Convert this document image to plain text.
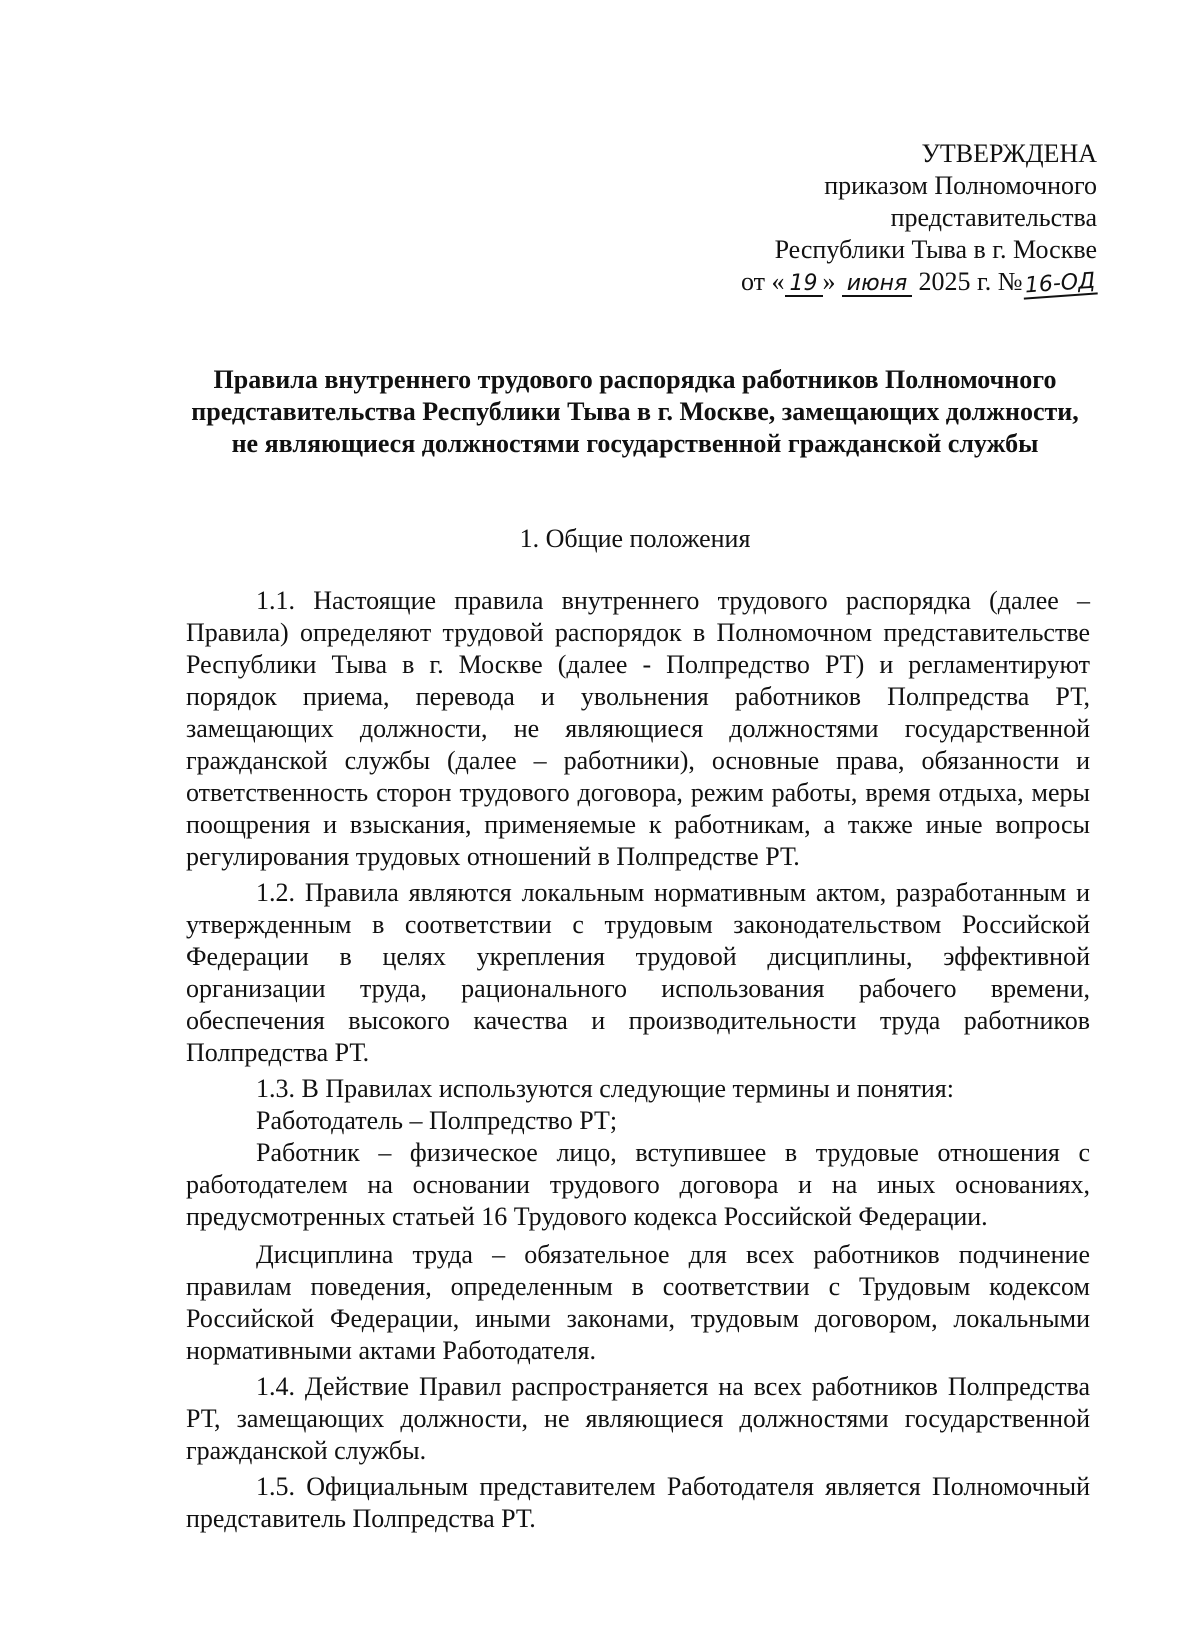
УТВЕРЖДЕНА
приказом Полномочного
представительства
Республики Тыва в г. Москве
от « 19 » июня 2025 г. №16-ОД
Правила внутреннего трудового распорядка работников Полномочного представительства Республики Тыва в г. Москве, замещающих должности, не являющиеся должностями государственной гражданской службы
1. Общие положения

1.1. Настоящие правила внутреннего трудового распорядка (далее – Правила) определяют трудовой распорядок в Полномочном представительстве Республики Тыва в г. Москве (далее - Полпредство РТ) и регламентируют порядок приема, перевода и увольнения работников Полпредства РТ, замещающих должности, не являющиеся должностями государственной гражданской службы (далее – работники), основные права, обязанности и ответственность сторон трудового договора, режим работы, время отдыха, меры поощрения и взыскания, применяемые к работникам, а также иные вопросы регулирования трудовых отношений в Полпредстве РТ.

1.2. Правила являются локальным нормативным актом, разработанным и утвержденным в соответствии с трудовым законодательством Российской Федерации в целях укрепления трудовой дисциплины, эффективной организации труда, рационального использования рабочего времени, обеспечения высокого качества и производительности труда работников Полпредства РТ.

1.3. В Правилах используются следующие термины и понятия:

Работодатель – Полпредство РТ;

Работник – физическое лицо, вступившее в трудовые отношения с работодателем на основании трудового договора и на иных основаниях, предусмотренных статьей 16 Трудового кодекса Российской Федерации.

Дисциплина труда – обязательное для всех работников подчинение правилам поведения, определенным в соответствии с Трудовым кодексом Российской Федерации, иными законами, трудовым договором, локальными нормативными актами Работодателя.

1.4. Действие Правил распространяется на всех работников Полпредства РТ, замещающих должности, не являющиеся должностями государственной гражданской службы.

1.5. Официальным представителем Работодателя является Полномочный представитель Полпредства РТ.
